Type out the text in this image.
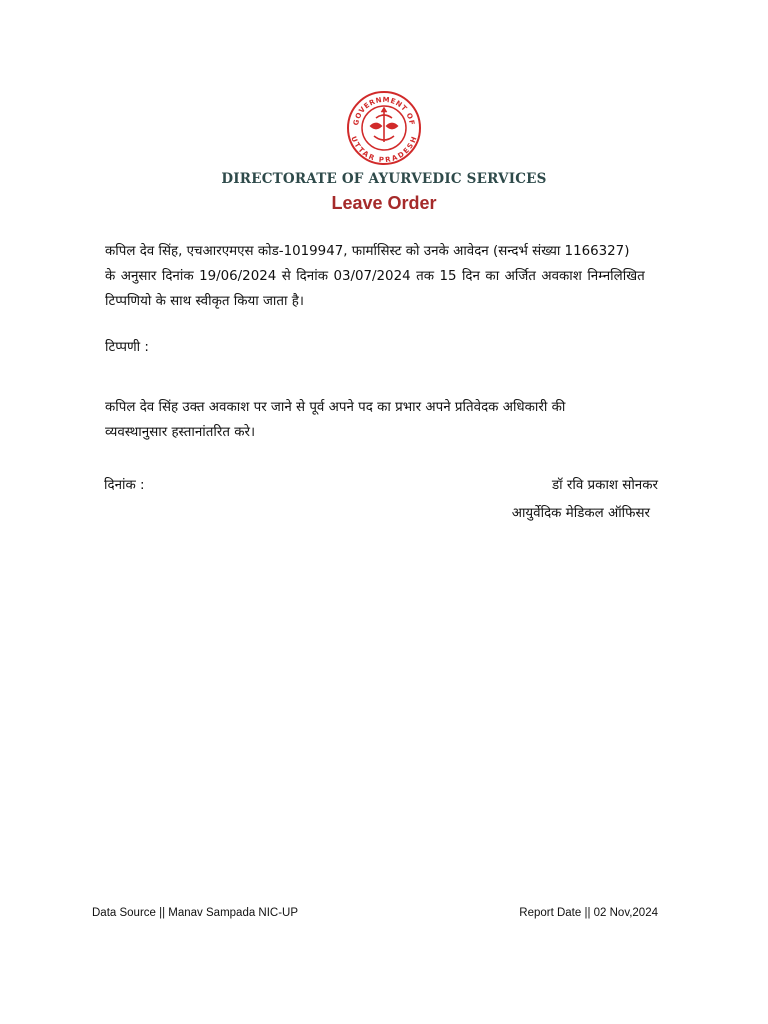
GOVERNMENT OF
UTTAR PRADESH
DIRECTORATE OF AYURVEDIC SERVICES
Leave Order
कपिल देव सिंह, एचआरएमएस कोड-1019947, फार्मासिस्ट को उनके आवेदन (सन्दर्भ संख्या 1166327)
के अनुसार दिनांक 19/06/2024 से दिनांक 03/07/2024 तक 15 दिन का अर्जित अवकाश निम्नलिखित
टिप्पणियो के साथ स्वीकृत किया जाता है।
टिप्पणी :
कपिल देव सिंह उक्त अवकाश पर जाने से पूर्व अपने पद का प्रभार अपने प्रतिवेदक अधिकारी की
व्यवस्थानुसार हस्तानांतरित करे।
दिनांक :	डॉ रवि प्रकाश सोनकर
आयुर्वेदिक मेडिकल ऑफिसर
Data Source || Manav Sampada NIC-UP	Report Date || 02 Nov,2024
